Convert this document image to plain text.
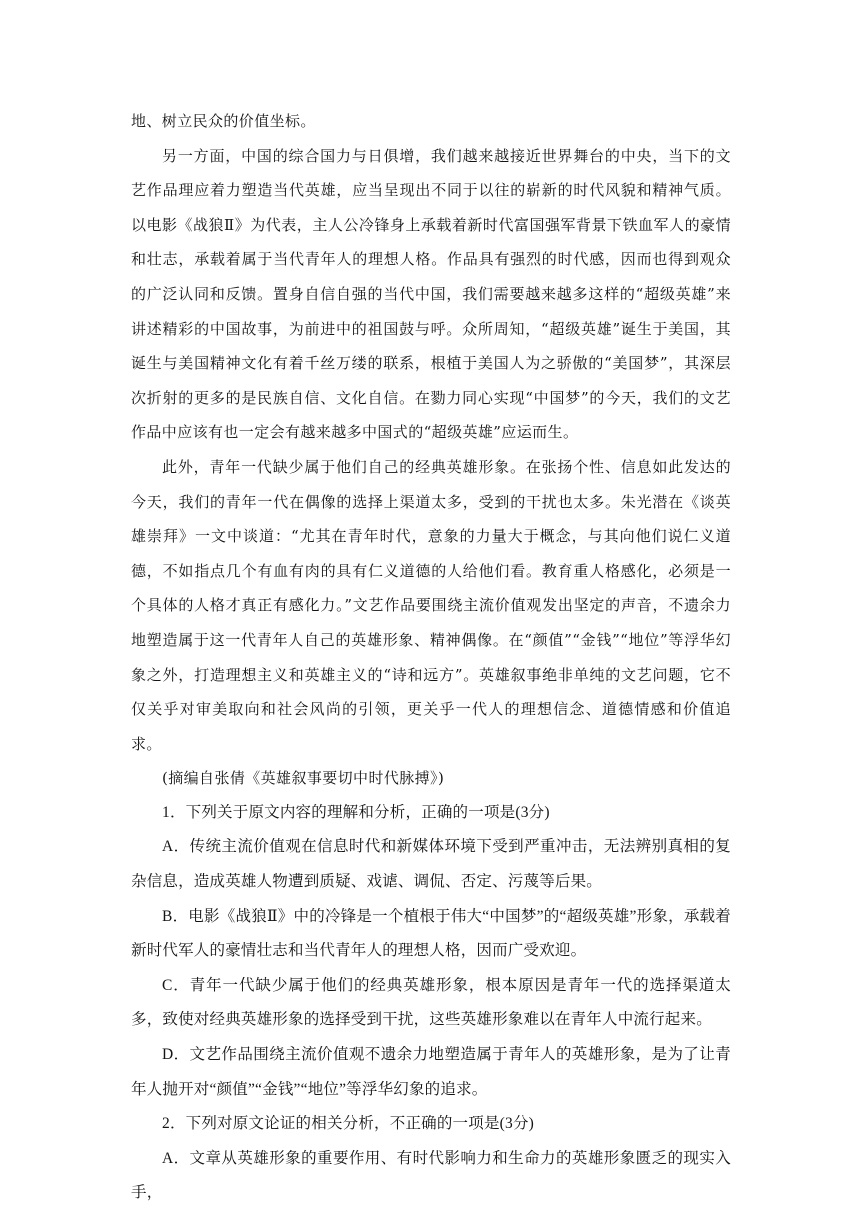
地、树立民众的价值坐标。

另一方面，中国的综合国力与日俱增，我们越来越接近世界舞台的中央，当下的文艺作品理应着力塑造当代英雄，应当呈现出不同于以往的崭新的时代风貌和精神气质。以电影《战狼Ⅱ》为代表，主人公冷锋身上承载着新时代富国强军背景下铁血军人的豪情和壮志，承载着属于当代青年人的理想人格。作品具有强烈的时代感，因而也得到观众的广泛认同和反馈。置身自信自强的当代中国，我们需要越来越多这样的“超级英雄”来讲述精彩的中国故事，为前进中的祖国鼓与呼。众所周知，“超级英雄”诞生于美国，其诞生与美国精神文化有着千丝万缕的联系，根植于美国人为之骄傲的“美国梦”，其深层次折射的更多的是民族自信、文化自信。在勠力同心实现“中国梦”的今天，我们的文艺作品中应该有也一定会有越来越多中国式的“超级英雄”应运而生。

此外，青年一代缺少属于他们自己的经典英雄形象。在张扬个性、信息如此发达的今天，我们的青年一代在偶像的选择上渠道太多，受到的干扰也太多。朱光潜在《谈英雄崇拜》一文中谈道：“尤其在青年时代，意象的力量大于概念，与其向他们说仁义道德，不如指点几个有血有肉的具有仁义道德的人给他们看。教育重人格感化，必须是一个具体的人格才真正有感化力。”文艺作品要围绕主流价值观发出坚定的声音，不遗余力地塑造属于这一代青年人自己的英雄形象、精神偶像。在“颜值”“金钱”“地位”等浮华幻象之外，打造理想主义和英雄主义的“诗和远方”。英雄叙事绝非单纯的文艺问题，它不仅关乎对审美取向和社会风尚的引领，更关乎一代人的理想信念、道德情感和价值追求。

(摘编自张倩《英雄叙事要切中时代脉搏》)

1．下列关于原文内容的理解和分析，正确的一项是(3分)

A．传统主流价值观在信息时代和新媒体环境下受到严重冲击，无法辨别真相的复杂信息，造成英雄人物遭到质疑、戏谑、调侃、否定、污蔑等后果。

B．电影《战狼Ⅱ》中的冷锋是一个植根于伟大“中国梦”的“超级英雄”形象，承载着新时代军人的豪情壮志和当代青年人的理想人格，因而广受欢迎。

C．青年一代缺少属于他们的经典英雄形象，根本原因是青年一代的选择渠道太多，致使对经典英雄形象的选择受到干扰，这些英雄形象难以在青年人中流行起来。

D．文艺作品围绕主流价值观不遗余力地塑造属于青年人的英雄形象，是为了让青年人抛开对“颜值”“金钱”“地位”等浮华幻象的追求。

2．下列对原文论证的相关分析，不正确的一项是(3分)

A．文章从英雄形象的重要作用、有时代影响力和生命力的英雄形象匮乏的现实入手，
